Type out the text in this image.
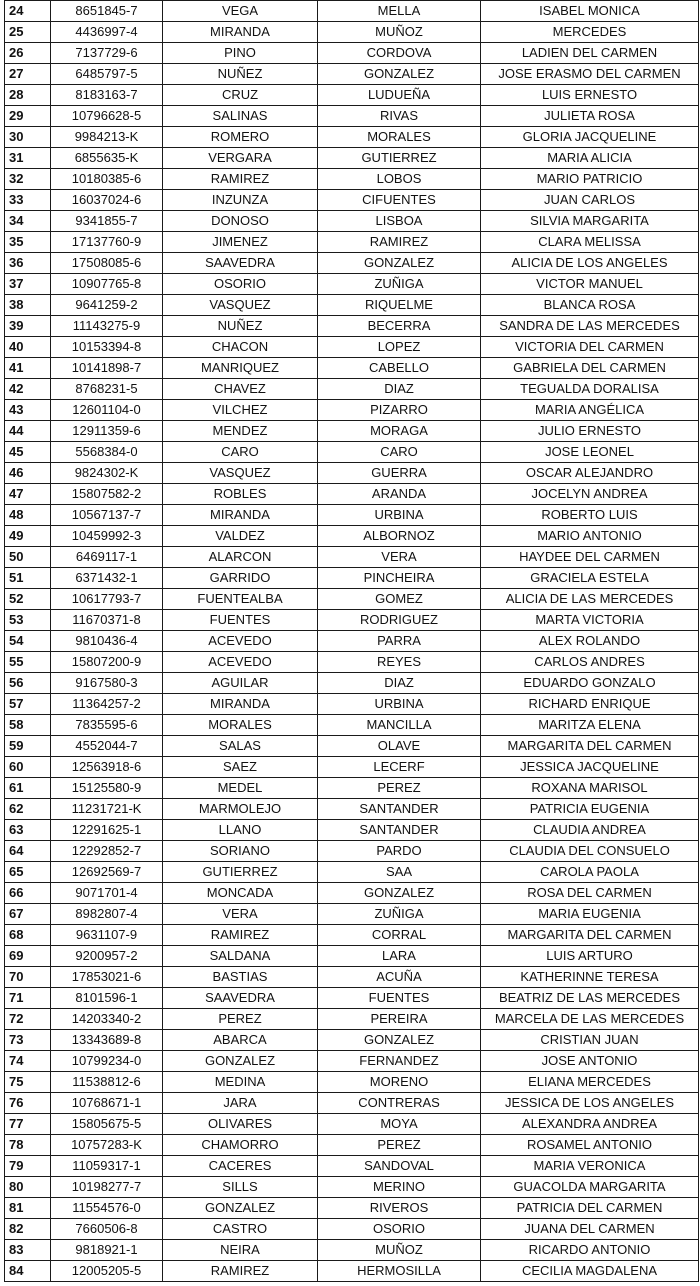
24	8651845-7	VEGA	MELLA	ISABEL MONICA
25	4436997-4	MIRANDA	MUÑOZ	MERCEDES
26	7137729-6	PINO	CORDOVA	LADIEN DEL CARMEN
27	6485797-5	NUÑEZ	GONZALEZ	JOSE ERASMO DEL CARMEN
28	8183163-7	CRUZ	LUDUEÑA	LUIS ERNESTO
29	10796628-5	SALINAS	RIVAS	JULIETA ROSA
30	9984213-K	ROMERO	MORALES	GLORIA JACQUELINE
31	6855635-K	VERGARA	GUTIERREZ	MARIA ALICIA
32	10180385-6	RAMIREZ	LOBOS	MARIO PATRICIO
33	16037024-6	INZUNZA	CIFUENTES	JUAN CARLOS
34	9341855-7	DONOSO	LISBOA	SILVIA MARGARITA
35	17137760-9	JIMENEZ	RAMIREZ	CLARA MELISSA
36	17508085-6	SAAVEDRA	GONZALEZ	ALICIA DE LOS ANGELES
37	10907765-8	OSORIO	ZUÑIGA	VICTOR MANUEL
38	9641259-2	VASQUEZ	RIQUELME	BLANCA ROSA
39	11143275-9	NUÑEZ	BECERRA	SANDRA DE LAS MERCEDES
40	10153394-8	CHACON	LOPEZ	VICTORIA DEL CARMEN
41	10141898-7	MANRIQUEZ	CABELLO	GABRIELA DEL CARMEN
42	8768231-5	CHAVEZ	DIAZ	TEGUALDA DORALISA
43	12601104-0	VILCHEZ	PIZARRO	MARIA ANGÉLICA
44	12911359-6	MENDEZ	MORAGA	JULIO ERNESTO
45	5568384-0	CARO	CARO	JOSE LEONEL
46	9824302-K	VASQUEZ	GUERRA	OSCAR ALEJANDRO
47	15807582-2	ROBLES	ARANDA	JOCELYN ANDREA
48	10567137-7	MIRANDA	URBINA	ROBERTO LUIS
49	10459992-3	VALDEZ	ALBORNOZ	MARIO ANTONIO
50	6469117-1	ALARCON	VERA	HAYDEE DEL CARMEN
51	6371432-1	GARRIDO	PINCHEIRA	GRACIELA ESTELA
52	10617793-7	FUENTEALBA	GOMEZ	ALICIA DE LAS MERCEDES
53	11670371-8	FUENTES	RODRIGUEZ	MARTA VICTORIA
54	9810436-4	ACEVEDO	PARRA	ALEX ROLANDO
55	15807200-9	ACEVEDO	REYES	CARLOS ANDRES
56	9167580-3	AGUILAR	DIAZ	EDUARDO GONZALO
57	11364257-2	MIRANDA	URBINA	RICHARD ENRIQUE
58	7835595-6	MORALES	MANCILLA	MARITZA ELENA
59	4552044-7	SALAS	OLAVE	MARGARITA DEL CARMEN
60	12563918-6	SAEZ	LECERF	JESSICA JACQUELINE
61	15125580-9	MEDEL	PEREZ	ROXANA MARISOL
62	11231721-K	MARMOLEJO	SANTANDER	PATRICIA EUGENIA
63	12291625-1	LLANO	SANTANDER	CLAUDIA ANDREA
64	12292852-7	SORIANO	PARDO	CLAUDIA DEL CONSUELO
65	12692569-7	GUTIERREZ	SAA	CAROLA PAOLA
66	9071701-4	MONCADA	GONZALEZ	ROSA DEL CARMEN
67	8982807-4	VERA	ZUÑIGA	MARIA EUGENIA
68	9631107-9	RAMIREZ	CORRAL	MARGARITA DEL CARMEN
69	9200957-2	SALDANA	LARA	LUIS ARTURO
70	17853021-6	BASTIAS	ACUÑA	KATHERINNE TERESA
71	8101596-1	SAAVEDRA	FUENTES	BEATRIZ DE LAS MERCEDES
72	14203340-2	PEREZ	PEREIRA	MARCELA DE LAS MERCEDES
73	13343689-8	ABARCA	GONZALEZ	CRISTIAN JUAN
74	10799234-0	GONZALEZ	FERNANDEZ	JOSE ANTONIO
75	11538812-6	MEDINA	MORENO	ELIANA MERCEDES
76	10768671-1	JARA	CONTRERAS	JESSICA DE LOS ANGELES
77	15805675-5	OLIVARES	MOYA	ALEXANDRA ANDREA
78	10757283-K	CHAMORRO	PEREZ	ROSAMEL ANTONIO
79	11059317-1	CACERES	SANDOVAL	MARIA VERONICA
80	10198277-7	SILLS	MERINO	GUACOLDA MARGARITA
81	11554576-0	GONZALEZ	RIVEROS	PATRICIA DEL CARMEN
82	7660506-8	CASTRO	OSORIO	JUANA DEL CARMEN
83	9818921-1	NEIRA	MUÑOZ	RICARDO ANTONIO
84	12005205-5	RAMIREZ	HERMOSILLA	CECILIA MAGDALENA
